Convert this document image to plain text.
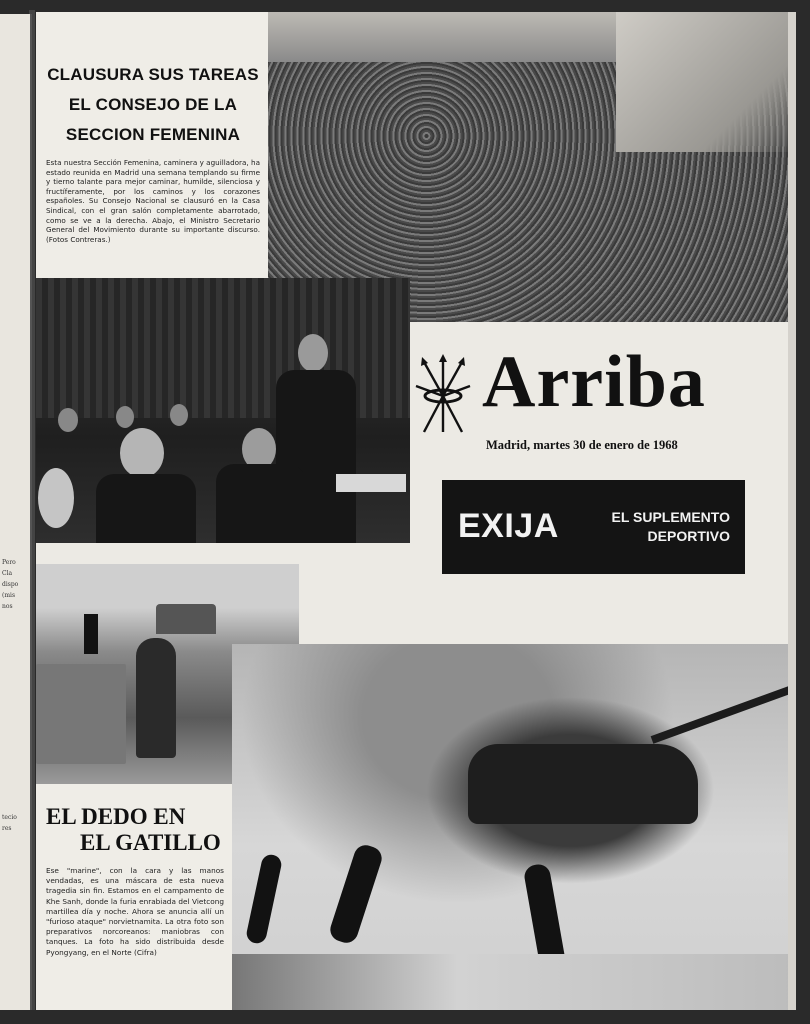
Pero
Cla
dispo
(mis
nos
tecio
res
CLAUSURA SUS TAREAS
EL CONSEJO DE LA
SECCION FEMENINA
Esta nuestra Sección Femenina, caminera y aguilladora, ha estado reunida en Madrid una semana templando su firme y tierno talante para mejor caminar, humilde, silenciosa y fructíferamente, por los caminos y los corazones españoles. Su Consejo Nacional se clausuró en la Casa Sindical, con el gran salón completamente abarrotado, como se ve a la derecha. Abajo, el Ministro Secretario General del Movimiento durante su importante discurso. (Fotos Contreras.)
Arriba
Madrid, martes 30 de enero de 1968
EXIJA	EL SUPLEMENTO
DEPORTIVO
EL DEDO EN
EL GATILLO
Ese "marine", con la cara y las manos vendadas, es una máscara de esta nueva tragedia sin fin. Estamos en el campamento de Khe Sanh, donde la furia enrabiada del Vietcong martillea día y noche. Ahora se anuncia allí un "furioso ataque" norvietnamita. La otra foto son preparativos norcoreanos: maniobras con tanques. La foto ha sido distribuida desde Pyongyang, en el Norte (Cifra)
